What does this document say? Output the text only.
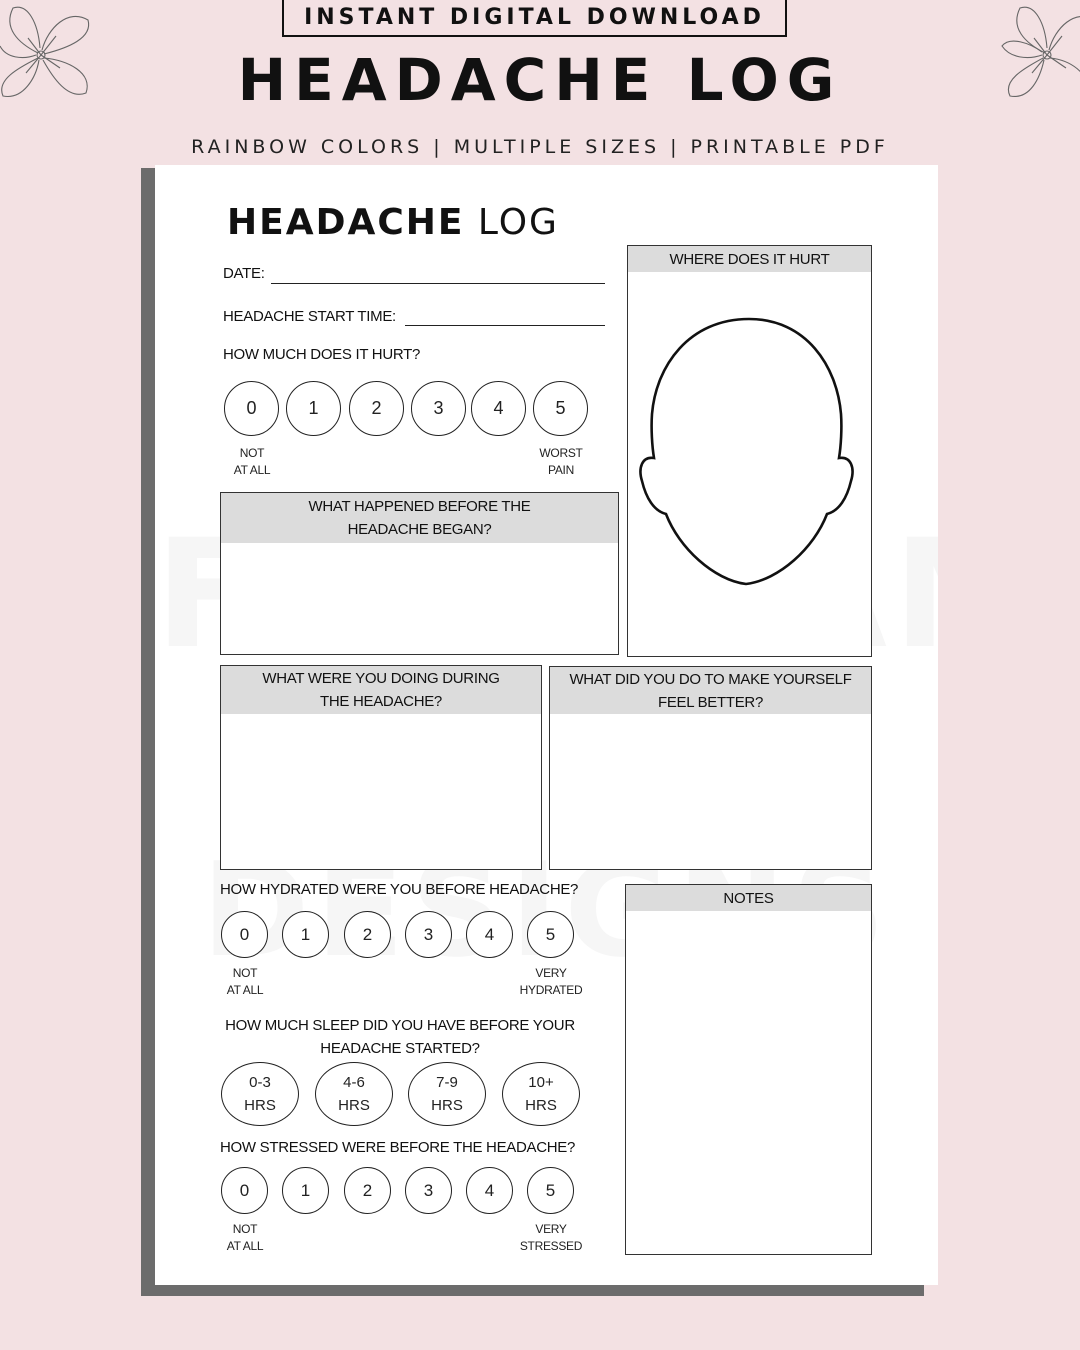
INSTANT DIGITAL DOWNLOAD
HEADACHE LOG
RAINBOW COLORS | MULTIPLE SIZES | PRINTABLE PDF
HEADACHE LOG
DATE:
HEADACHE START TIME:
HOW MUCH DOES IT HURT?
0	1	2	3	4	5
NOT
AT ALL
WORST
PAIN
WHERE DOES IT HURT
WHAT HAPPENED BEFORE THE
HEADACHE BEGAN?
WHAT WERE YOU DOING DURING
THE HEADACHE?
WHAT DID YOU DO TO MAKE YOURSELF
FEEL BETTER?
HOW HYDRATED WERE YOU BEFORE HEADACHE?
0	1	2	3	4	5
NOT
AT ALL
VERY
HYDRATED
HOW MUCH SLEEP DID YOU HAVE BEFORE YOUR
HEADACHE STARTED?
0-3
HRS
4-6
HRS
7-9
HRS
10+
HRS
HOW STRESSED WERE BEFORE THE HEADACHE?
0	1	2	3	4	5
NOT
AT ALL
VERY
STRESSED
NOTES
